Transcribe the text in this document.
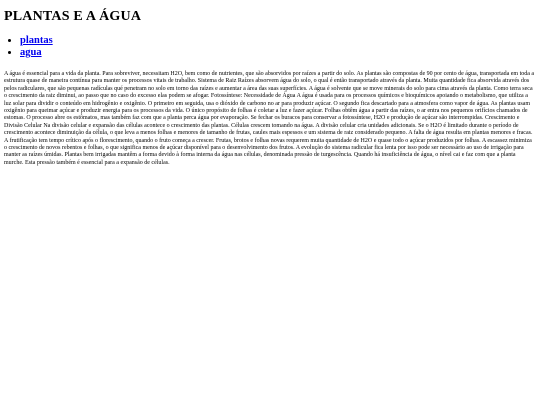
PLANTAS E A ÁGUA
• plantas
• agua

A água é essencial para a vida da planta. Para sobreviver, necessitam H2O, bem como de nutrientes, que são absorvidos por raízes a partir do solo. As plantas são compostas de 90 por cento de água, transportada em toda a estrutura quase de maneira contínua para manter os processos vitais de trabalho. Sistema de Raiz Raízes absorvem água do solo, o qual é então transportado através da planta. Muita quantidade fica absorvida através dos pelos radiculares, que são pequenas radículas qué penetram no solo em torno das raízes e aumentar a área das suas superfícies. A água é solvente que se move minerais do solo para cima através da planta. Como terra seca o crescimento da raiz diminui, ao passo que no caso do excesso elas podem se afogar. Fotossíntese: Necessidade de Água A água é usada para os processos químicos e bioquímicos apoiando o metabolismo, que utiliza a luz solar para dividir o conteúdo em hidrogênio e oxigênio. O primeiro em seguida, usa o dióxido de carbono no ar para produzir açúcar. O segundo fica descartado para a atmosfera como vapor de água. As plantas usam oxigênio para queimar açúcar e produzir energia para os processos da vida. O único propósito de folhas é coletar a luz e fazer açúcar. Folhas obtêm água a partir das raízes, o ar entra nos pequenos orifícios chamados de estomas. O processo abre os estômatos, mas também faz com que a planta perca água por evaporação. Se fechar os buracos para conservar a fotossíntese, H2O e produção de açúcar são interrompidas. Crescimento e Divisão Celular Na divisão celular e expansão das células acontece o crescimento das plantas. Células crescem tomando na água. A divisão celular cria unidades adicionais. Se o H2O é limitado durante o período de crescimento acontece diminuição da célula, o que leva a menos folhas e menores de tamanho de frutas, caules mais espessos e um sistema de raiz considerado pequeno. A falta de água resulta em plantas menores e fracas. A frutificação tem tempo crítico após o florescimento, quando o fruto começa a crescer. Frutas, brotos e folhas novas requerem muita quantidade de H2O e quase todo o açúcar produzidos por folhas. A escassez minimiza o crescimento de novos rebentos e folhas, o que significa menos de açúcar disponível para o desenvolvimento dos frutos. A evolução do sistema radicular fica lenta por isso pode ser necessário ao uso de irrigação para manter as raízes úmidas. Plantas bem irrigadas mantêm a forma devido à forma interna da água nas células, denominada pressão de turgescência. Quando há insuficiência de água, o nível cai e faz com que a planta murche. Esta pressão também é essencial para a expansão de células.
